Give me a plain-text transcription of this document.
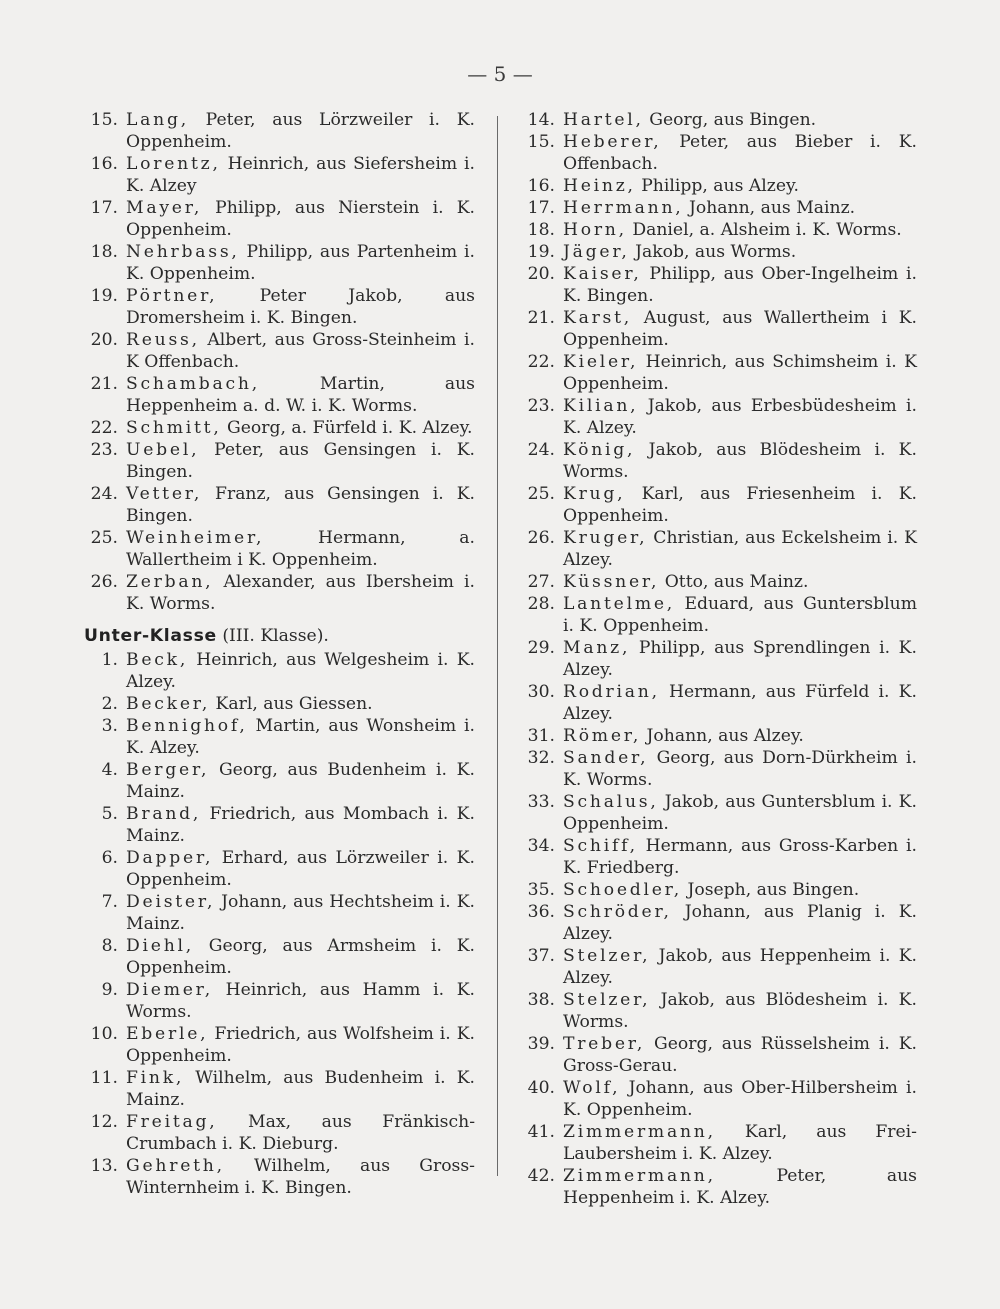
— 5 —
15. Lang, Peter, aus Lörzweiler i. K. Oppenheim.
16. Lorentz, Heinrich, aus Siefersheim i. K. Alzey
17. Mayer, Philipp, aus Nierstein i. K. Oppenheim.
18. Nehrbass, Philipp, aus Partenheim i. K. Oppenheim.
19. Pörtner, Peter Jakob, aus Dromersheim i. K. Bingen.
20. Reuss, Albert, aus Gross-Steinheim i. K Offenbach.
21. Schambach,	Martin, aus Heppenheim a. d. W. i. K. Worms.
22. Schmitt, Georg, a. Fürfeld i. K. Alzey.
23. Uebel, Peter, aus Gensingen i. K. Bingen.
24. Vetter, Franz, aus Gensingen i. K. Bingen.
25. Weinheimer,	Hermann, a. Wallertheim i K. Oppenheim.
26. Zerban, Alexander, aus Ibersheim i. K. Worms.
Unter-Klasse (III. Klasse).
1. Beck, Heinrich, aus Welgesheim i. K. Alzey.
2. Becker, Karl, aus Giessen.
3. Bennighof, Martin, aus Wonsheim i. K. Alzey.
4. Berger, Georg, aus Budenheim i. K. Mainz.
5. Brand, Friedrich, aus Mombach i. K. Mainz.
6. Dapper, Erhard, aus Lörzweiler i. K. Oppenheim.
7. Deister, Johann, aus Hechtsheim i. K. Mainz.
8. Diehl, Georg, aus Armsheim i. K. Oppenheim.
9. Diemer, Heinrich, aus Hamm i. K. Worms.
10. Eberle, Friedrich, aus Wolfsheim i. K. Oppenheim.
11. Fink, Wilhelm, aus Budenheim i. K. Mainz.
12. Freitag, Max, aus Fränkisch-Crumbach i. K. Dieburg.
13. Gehreth, Wilhelm, aus Gross-Winternheim i. K. Bingen.
14. Hartel, Georg, aus Bingen.
15. Heberer, Peter, aus Bieber i. K. Offenbach.
16. Heinz, Philipp, aus Alzey.
17. Herrmann, Johann, aus Mainz.
18. Horn, Daniel, a. Alsheim i. K. Worms.
19. Jäger, Jakob, aus Worms.
20. Kaiser, Philipp, aus Ober-Ingelheim i. K. Bingen.
21. Karst, August, aus Wallertheim i K. Oppenheim.
22. Kieler, Heinrich, aus Schimsheim i. K Oppenheim.
23. Kilian, Jakob, aus Erbesbüdesheim i. K. Alzey.
24. König, Jakob, aus Blödesheim i. K. Worms.
25. Krug, Karl, aus Friesenheim i. K. Oppenheim.
26. Kruger, Christian, aus Eckelsheim i. K Alzey.
27. Küssner, Otto, aus Mainz.
28. Lantelme, Eduard, aus Guntersblum i. K. Oppenheim.
29. Manz, Philipp, aus Sprendlingen i. K. Alzey.
30. Rodrian, Hermann, aus Fürfeld i. K. Alzey.
31. Römer, Johann, aus Alzey.
32. Sander, Georg, aus Dorn-Dürkheim i. K. Worms.
33. Schalus, Jakob, aus Guntersblum i. K. Oppenheim.
34. Schiff, Hermann, aus Gross-Karben i. K. Friedberg.
35. Schoedler, Joseph, aus Bingen.
36. Schröder, Johann, aus Planig i. K. Alzey.
37. Stelzer, Jakob, aus Heppenheim i. K. Alzey.
38. Stelzer, Jakob, aus Blödesheim i. K. Worms.
39. Treber, Georg, aus Rüsselsheim i. K. Gross-Gerau.
40. Wolf, Johann, aus Ober-Hilbersheim i. K. Oppenheim.
41. Zimmermann, Karl, aus Frei-Laubersheim i. K. Alzey.
42. Zimmermann,	Peter, aus Heppenheim i. K. Alzey.
